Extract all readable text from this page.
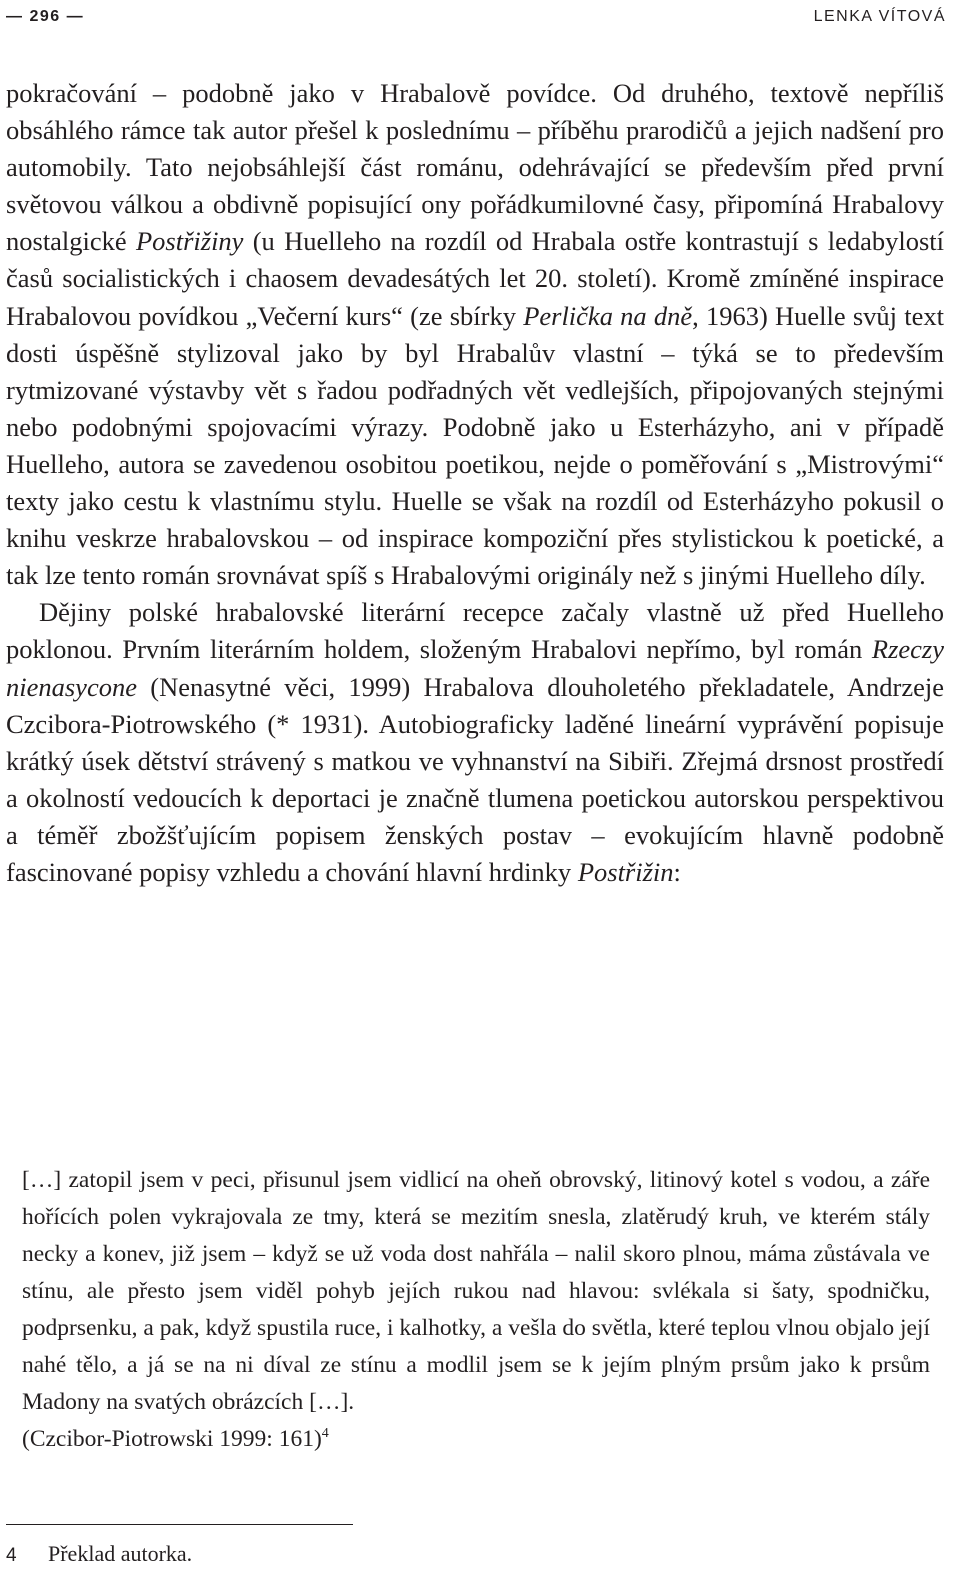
— 296 —	LENKA VÍTOVÁ

pokračování – podobně jako v Hrabalově povídce. Od druhého, textově nepříliš obsáhlého rámce tak autor přešel k poslednímu – příběhu prarodičů a jejich nadšení pro automobily. Tato nejobsáhlejší část románu, odehrávající se především před první světovou válkou a obdivně popisující ony pořádkumilovné časy, připomíná Hrabalovy nostalgické Postřižiny (u Huelleho na rozdíl od Hrabala ostře kontrastují s ledabylostí časů socialistických i chaosem devadesátých let 20. století). Kromě zmíněné inspirace Hrabalovou povídkou „Večerní kurs“ (ze sbírky Perlička na dně, 1963) Huelle svůj text dosti úspěšně stylizoval jako by byl Hrabalův vlastní – týká se to především rytmizované výstavby vět s řadou podřadných vět vedlejších, připojovaných stejnými nebo podobnými spojovacími výrazy. Podobně jako u Esterházyho, ani v případě Huelleho, autora se zavedenou osobitou poetikou, nejde o poměřování s „Mistrovými“ texty jako cestu k vlastnímu stylu. Huelle se však na rozdíl od Esterházyho pokusil o knihu veskrze hrabalovskou – od inspirace kompoziční přes stylistickou k poetické, a tak lze tento román srovnávat spíš s Hrabalovými originály než s jinými Huelleho díly.

Dějiny polské hrabalovské literární recepce začaly vlastně už před Huelleho poklonou. Prvním literárním holdem, složeným Hrabalovi nepřímo, byl román Rzeczy nienasycone (Nenasytné věci, 1999) Hrabalova dlouholetého překladatele, Andrzeje Czcibora-Piotrowského (* 1931). Autobiograficky laděné lineární vyprávění popisuje krátký úsek dětství strávený s matkou ve vyhnanství na Sibiři. Zřejmá drsnost prostředí a okolností vedoucích k deportaci je značně tlumena poetickou autorskou perspektivou a téměř zbožšťujícím popisem ženských postav – evokujícím hlavně podobně fascinované popisy vzhledu a chování hlavní hrdinky Postřižin:

[…] zatopil jsem v peci, přisunul jsem vidlicí na oheň obrovský, litinový kotel s vodou, a záře hořících polen vykrajovala ze tmy, která se mezitím snesla, zlatěrudý kruh, ve kterém stály necky a konev, již jsem – když se už voda dost nahřála – nalil skoro plnou, máma zůstávala ve stínu, ale přesto jsem viděl pohyb jejích rukou nad hlavou: svlékala si šaty, spodničku, podprsenku, a pak, když spustila ruce, i kalhotky, a vešla do světla, které teplou vlnou objalo její nahé tělo, a já se na ni díval ze stínu a modlil jsem se k jejím plným prsům jako k prsům Madony na svatých obrázcích […].

(Czcibor-Piotrowski 1999: 161)$^4$
4 Překlad autorka.
